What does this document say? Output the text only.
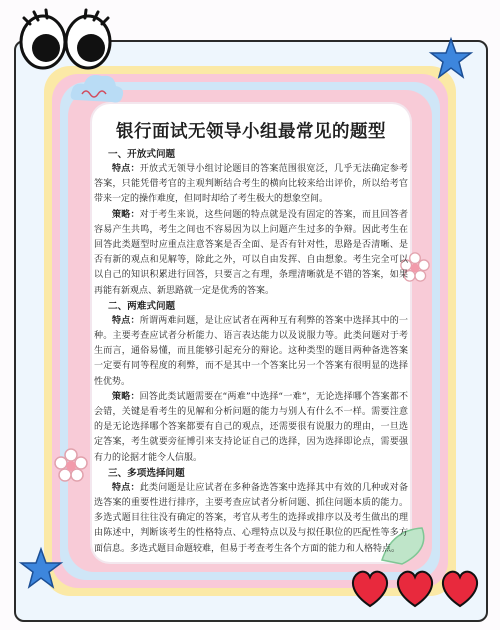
银行面试无领导小组最常见的题型
一、开放式问题

特点：开放式无领导小组讨论题目的答案范围很宽泛，几乎无法确定参考答案，只能凭借考官的主观判断结合考生的横向比较来给出评价，所以给考官带来一定的操作难度，但同时却给了考生极大的想象空间。

策略：对于考生来说，这些问题的特点就是没有固定的答案，而且回答者容易产生共鸣，考生之间也不容易因为以上问题产生过多的争辩。因此考生在回答此类题型时应重点注意答案是否全面、是否有针对性，思路是否清晰、是否有新的观点和见解等，除此之外，可以自由发挥、自由想象。考生完全可以以自己的知识积累进行回答，只要言之有理，条理清晰就是不错的答案，如果再能有新观点、新思路就一定是优秀的答案。

二、两难式问题

特点：所谓两难问题，是让应试者在两种互有利弊的答案中选择其中的一种。主要考查应试者分析能力、语言表达能力以及说服力等。此类问题对于考生而言，通俗易懂，而且能够引起充分的辩论。这种类型的题目两种备选答案一定要有同等程度的利弊，而不是其中一个答案比另一个答案有很明显的选择性优势。

策略：回答此类试题需要在“两难”中选择“一难”，无论选择哪个答案都不会错，关键是看考生的见解和分析问题的能力与别人有什么不一样。需要注意的是无论选择哪个答案都要有自己的观点，还需要很有说服力的理由，一旦选定答案，考生就要旁征博引来支持论证自己的选择，因为选择即论点，需要强有力的论据才能令人信服。

三、多项选择问题

特点：此类问题是让应试者在多种备选答案中选择其中有效的几种或对备选答案的重要性进行排序，主要考查应试者分析问题、抓住问题本质的能力。多选式题目往往没有确定的答案，考官从考生的选择或排序以及考生做出的理由陈述中，判断该考生的性格特点、心理特点以及与拟任职位的匹配性等多方面信息。多选式题目命题较难，但易于考查考生各个方面的能力和人格特点。
